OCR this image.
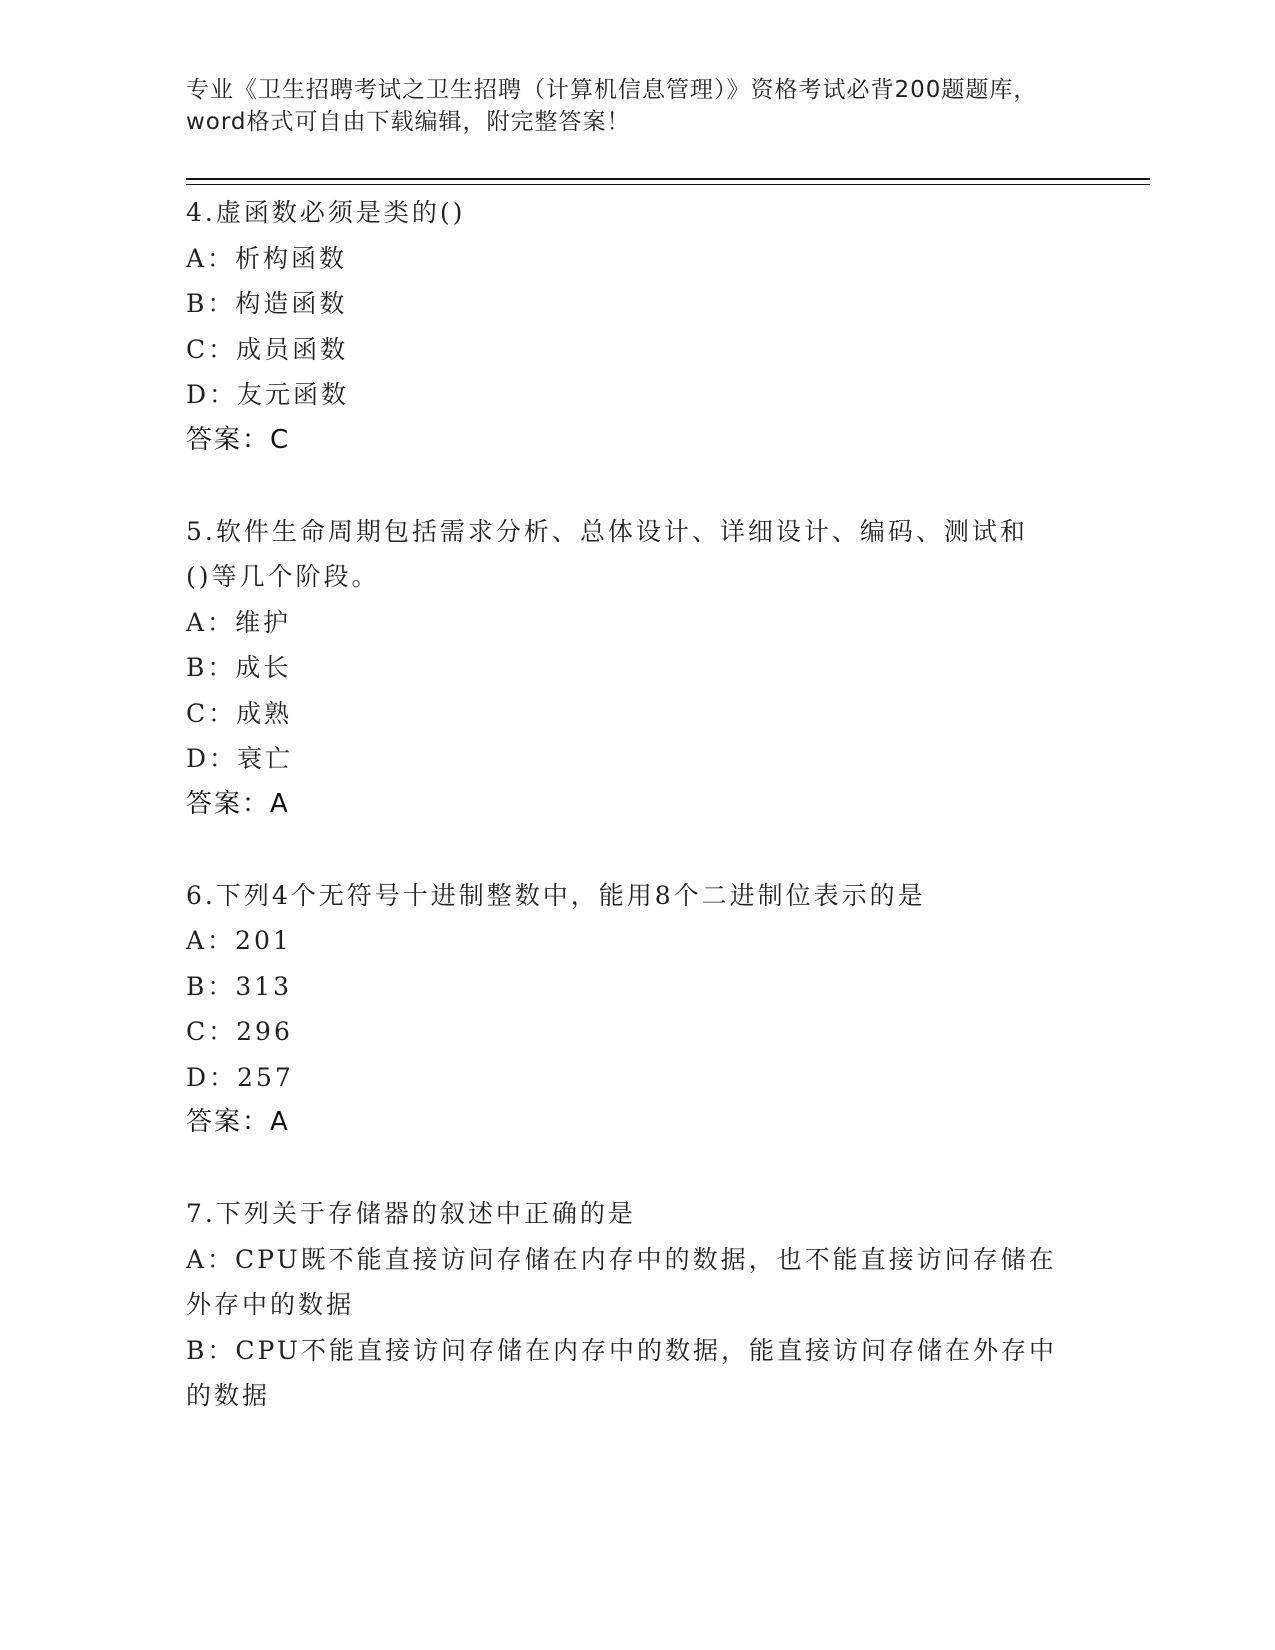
专业《卫生招聘考试之卫生招聘（计算机信息管理）》资格考试必背200题题库，
word格式可自由下载编辑，附完整答案！
4.虚函数必须是类的()
A：析构函数
B：构造函数
C：成员函数
D：友元函数
答案：C
5.软件生命周期包括需求分析、总体设计、详细设计、编码、测试和
()等几个阶段。
A：维护
B：成长
C：成熟
D：衰亡
答案：A
6.下列4个无符号十进制整数中，能用8个二进制位表示的是
A：201
B：313
C：296
D：257
答案：A
7.下列关于存储器的叙述中正确的是
A：CPU既不能直接访问存储在内存中的数据，也不能直接访问存储在
外存中的数据
B：CPU不能直接访问存储在内存中的数据，能直接访问存储在外存中
的数据
